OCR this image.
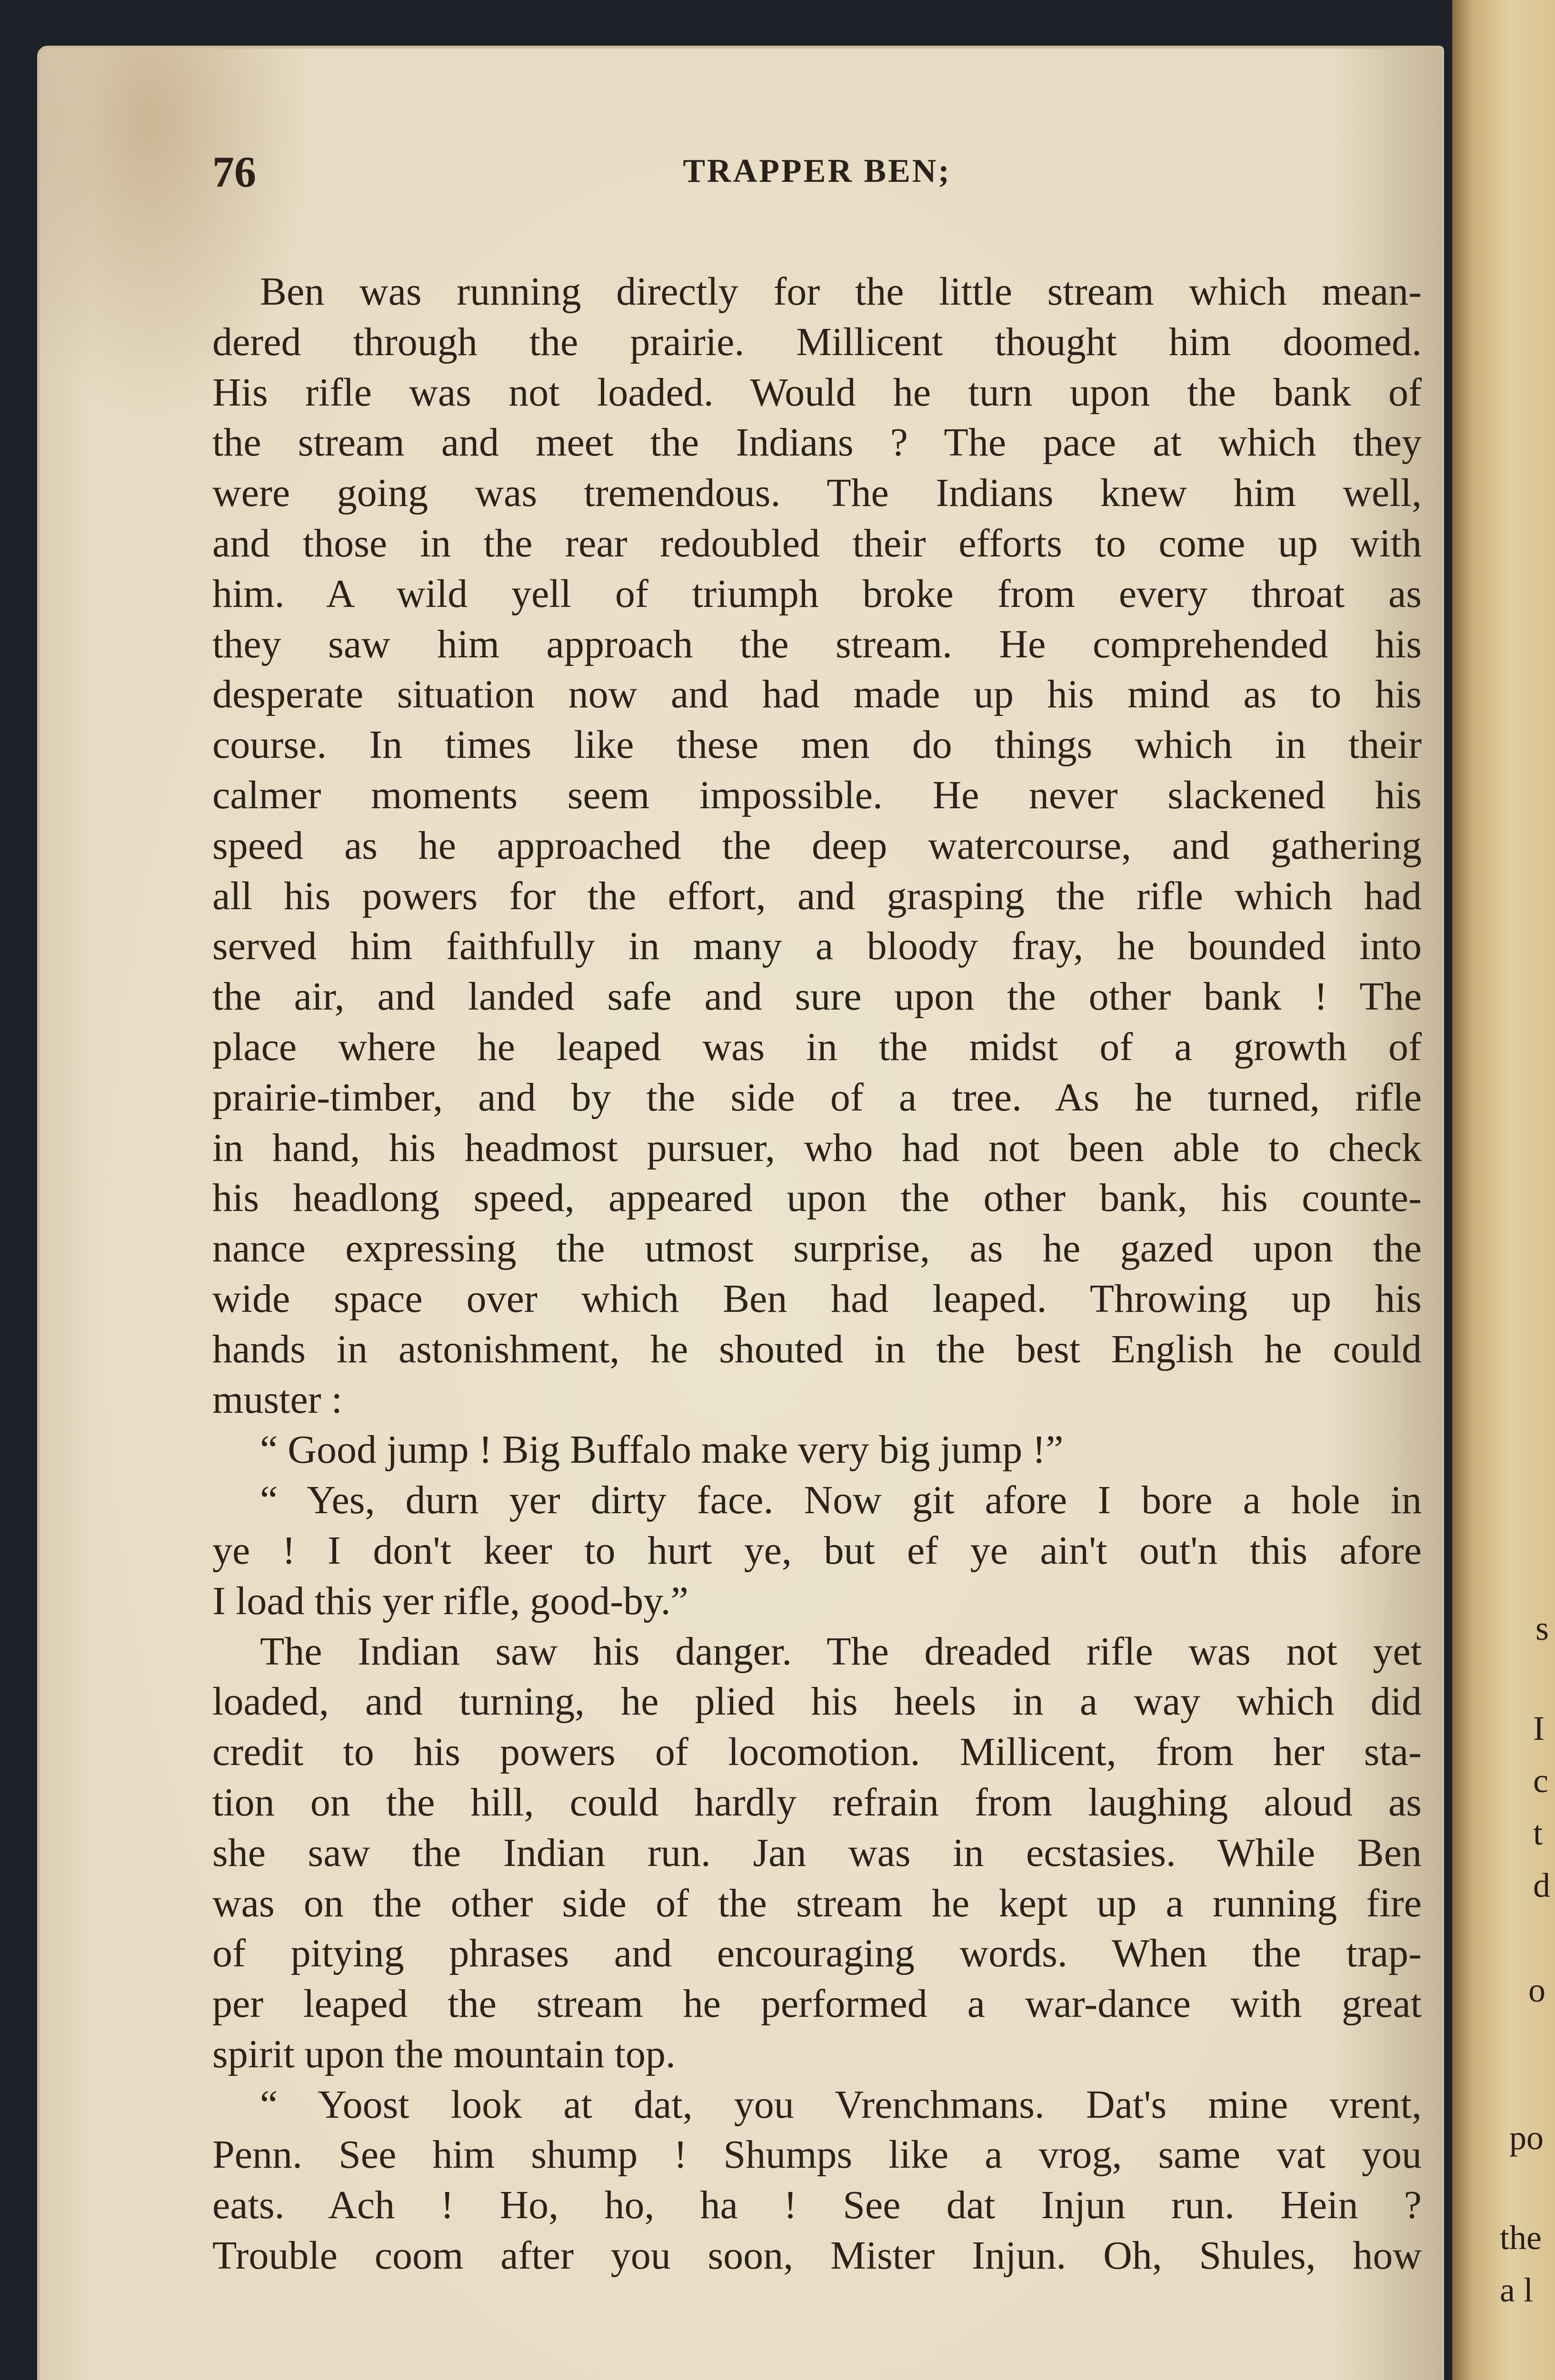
s
I
c
t
d
o
po
the
a l
76	TRAPPER BEN;
Ben was running directly for the little stream which mean-
dered through the prairie. Millicent thought him doomed.
His rifle was not loaded. Would he turn upon the bank of
the stream and meet the Indians ? The pace at which they
were going was tremendous. The Indians knew him well,
and those in the rear redoubled their efforts to come up with
him. A wild yell of triumph broke from every throat as
they saw him approach the stream. He comprehended his
desperate situation now and had made up his mind as to his
course. In times like these men do things which in their
calmer moments seem impossible. He never slackened his
speed as he approached the deep watercourse, and gathering
all his powers for the effort, and grasping the rifle which had
served him faithfully in many a bloody fray, he bounded into
the air, and landed safe and sure upon the other bank ! The
place where he leaped was in the midst of a growth of
prairie-timber, and by the side of a tree. As he turned, rifle
in hand, his headmost pursuer, who had not been able to check
his headlong speed, appeared upon the other bank, his counte-
nance expressing the utmost surprise, as he gazed upon the
wide space over which Ben had leaped. Throwing up his
hands in astonishment, he shouted in the best English he could
muster :
“ Good jump ! Big Buffalo make very big jump !”
“ Yes, durn yer dirty face. Now git afore I bore a hole in
ye ! I don't keer to hurt ye, but ef ye ain't out'n this afore
I load this yer rifle, good-by.”
The Indian saw his danger. The dreaded rifle was not yet
loaded, and turning, he plied his heels in a way which did
credit to his powers of locomotion. Millicent, from her sta-
tion on the hill, could hardly refrain from laughing aloud as
she saw the Indian run. Jan was in ecstasies. While Ben
was on the other side of the stream he kept up a running fire
of pitying phrases and encouraging words. When the trap-
per leaped the stream he performed a war-dance with great
spirit upon the mountain top.
“ Yoost look at dat, you Vrenchmans. Dat's mine vrent,
Penn. See him shump ! Shumps like a vrog, same vat you
eats. Ach ! Ho, ho, ha ! See dat Injun run. Hein ?
Trouble coom after you soon, Mister Injun. Oh, Shules, how
